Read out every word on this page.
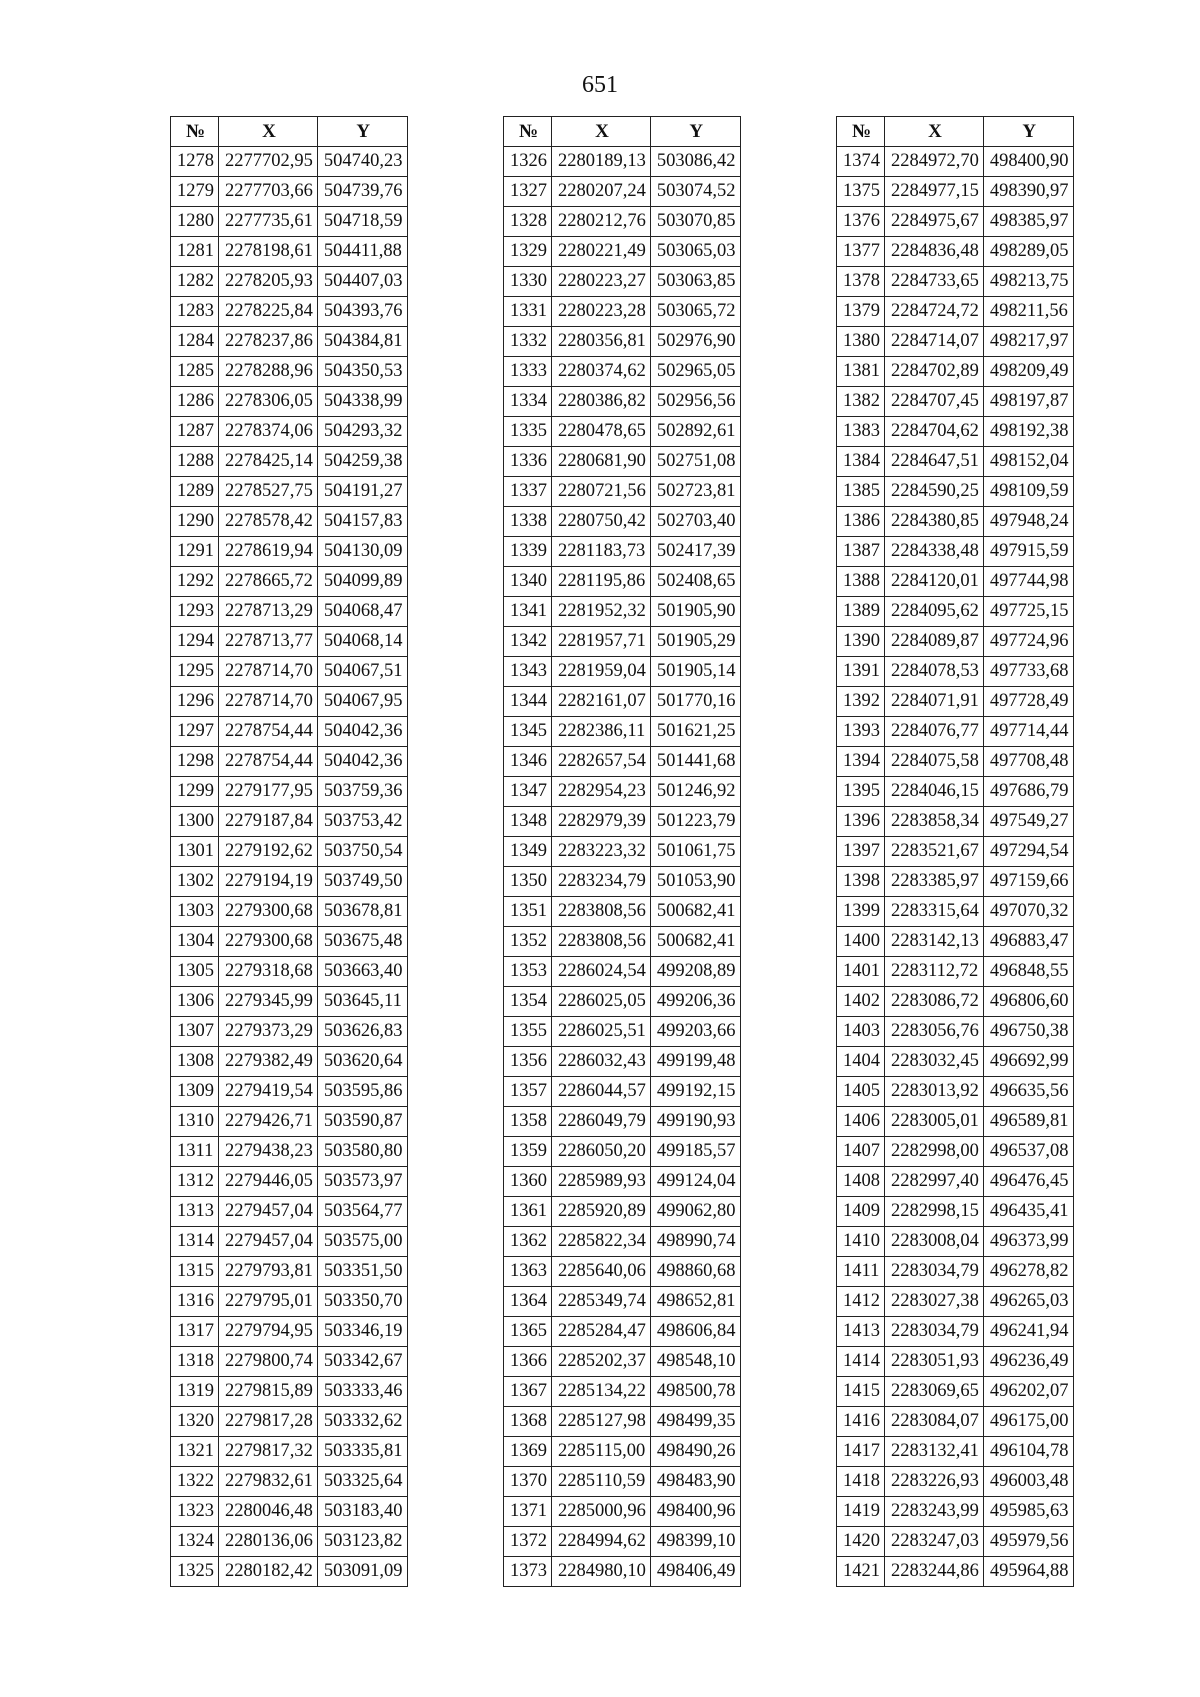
651
№	X	Y
1278	2277702,95	504740,23
1279	2277703,66	504739,76
1280	2277735,61	504718,59
1281	2278198,61	504411,88
1282	2278205,93	504407,03
1283	2278225,84	504393,76
1284	2278237,86	504384,81
1285	2278288,96	504350,53
1286	2278306,05	504338,99
1287	2278374,06	504293,32
1288	2278425,14	504259,38
1289	2278527,75	504191,27
1290	2278578,42	504157,83
1291	2278619,94	504130,09
1292	2278665,72	504099,89
1293	2278713,29	504068,47
1294	2278713,77	504068,14
1295	2278714,70	504067,51
1296	2278714,70	504067,95
1297	2278754,44	504042,36
1298	2278754,44	504042,36
1299	2279177,95	503759,36
1300	2279187,84	503753,42
1301	2279192,62	503750,54
1302	2279194,19	503749,50
1303	2279300,68	503678,81
1304	2279300,68	503675,48
1305	2279318,68	503663,40
1306	2279345,99	503645,11
1307	2279373,29	503626,83
1308	2279382,49	503620,64
1309	2279419,54	503595,86
1310	2279426,71	503590,87
1311	2279438,23	503580,80
1312	2279446,05	503573,97
1313	2279457,04	503564,77
1314	2279457,04	503575,00
1315	2279793,81	503351,50
1316	2279795,01	503350,70
1317	2279794,95	503346,19
1318	2279800,74	503342,67
1319	2279815,89	503333,46
1320	2279817,28	503332,62
1321	2279817,32	503335,81
1322	2279832,61	503325,64
1323	2280046,48	503183,40
1324	2280136,06	503123,82
1325	2280182,42	503091,09
№	X	Y
1326	2280189,13	503086,42
1327	2280207,24	503074,52
1328	2280212,76	503070,85
1329	2280221,49	503065,03
1330	2280223,27	503063,85
1331	2280223,28	503065,72
1332	2280356,81	502976,90
1333	2280374,62	502965,05
1334	2280386,82	502956,56
1335	2280478,65	502892,61
1336	2280681,90	502751,08
1337	2280721,56	502723,81
1338	2280750,42	502703,40
1339	2281183,73	502417,39
1340	2281195,86	502408,65
1341	2281952,32	501905,90
1342	2281957,71	501905,29
1343	2281959,04	501905,14
1344	2282161,07	501770,16
1345	2282386,11	501621,25
1346	2282657,54	501441,68
1347	2282954,23	501246,92
1348	2282979,39	501223,79
1349	2283223,32	501061,75
1350	2283234,79	501053,90
1351	2283808,56	500682,41
1352	2283808,56	500682,41
1353	2286024,54	499208,89
1354	2286025,05	499206,36
1355	2286025,51	499203,66
1356	2286032,43	499199,48
1357	2286044,57	499192,15
1358	2286049,79	499190,93
1359	2286050,20	499185,57
1360	2285989,93	499124,04
1361	2285920,89	499062,80
1362	2285822,34	498990,74
1363	2285640,06	498860,68
1364	2285349,74	498652,81
1365	2285284,47	498606,84
1366	2285202,37	498548,10
1367	2285134,22	498500,78
1368	2285127,98	498499,35
1369	2285115,00	498490,26
1370	2285110,59	498483,90
1371	2285000,96	498400,96
1372	2284994,62	498399,10
1373	2284980,10	498406,49
№	X	Y
1374	2284972,70	498400,90
1375	2284977,15	498390,97
1376	2284975,67	498385,97
1377	2284836,48	498289,05
1378	2284733,65	498213,75
1379	2284724,72	498211,56
1380	2284714,07	498217,97
1381	2284702,89	498209,49
1382	2284707,45	498197,87
1383	2284704,62	498192,38
1384	2284647,51	498152,04
1385	2284590,25	498109,59
1386	2284380,85	497948,24
1387	2284338,48	497915,59
1388	2284120,01	497744,98
1389	2284095,62	497725,15
1390	2284089,87	497724,96
1391	2284078,53	497733,68
1392	2284071,91	497728,49
1393	2284076,77	497714,44
1394	2284075,58	497708,48
1395	2284046,15	497686,79
1396	2283858,34	497549,27
1397	2283521,67	497294,54
1398	2283385,97	497159,66
1399	2283315,64	497070,32
1400	2283142,13	496883,47
1401	2283112,72	496848,55
1402	2283086,72	496806,60
1403	2283056,76	496750,38
1404	2283032,45	496692,99
1405	2283013,92	496635,56
1406	2283005,01	496589,81
1407	2282998,00	496537,08
1408	2282997,40	496476,45
1409	2282998,15	496435,41
1410	2283008,04	496373,99
1411	2283034,79	496278,82
1412	2283027,38	496265,03
1413	2283034,79	496241,94
1414	2283051,93	496236,49
1415	2283069,65	496202,07
1416	2283084,07	496175,00
1417	2283132,41	496104,78
1418	2283226,93	496003,48
1419	2283243,99	495985,63
1420	2283247,03	495979,56
1421	2283244,86	495964,88
